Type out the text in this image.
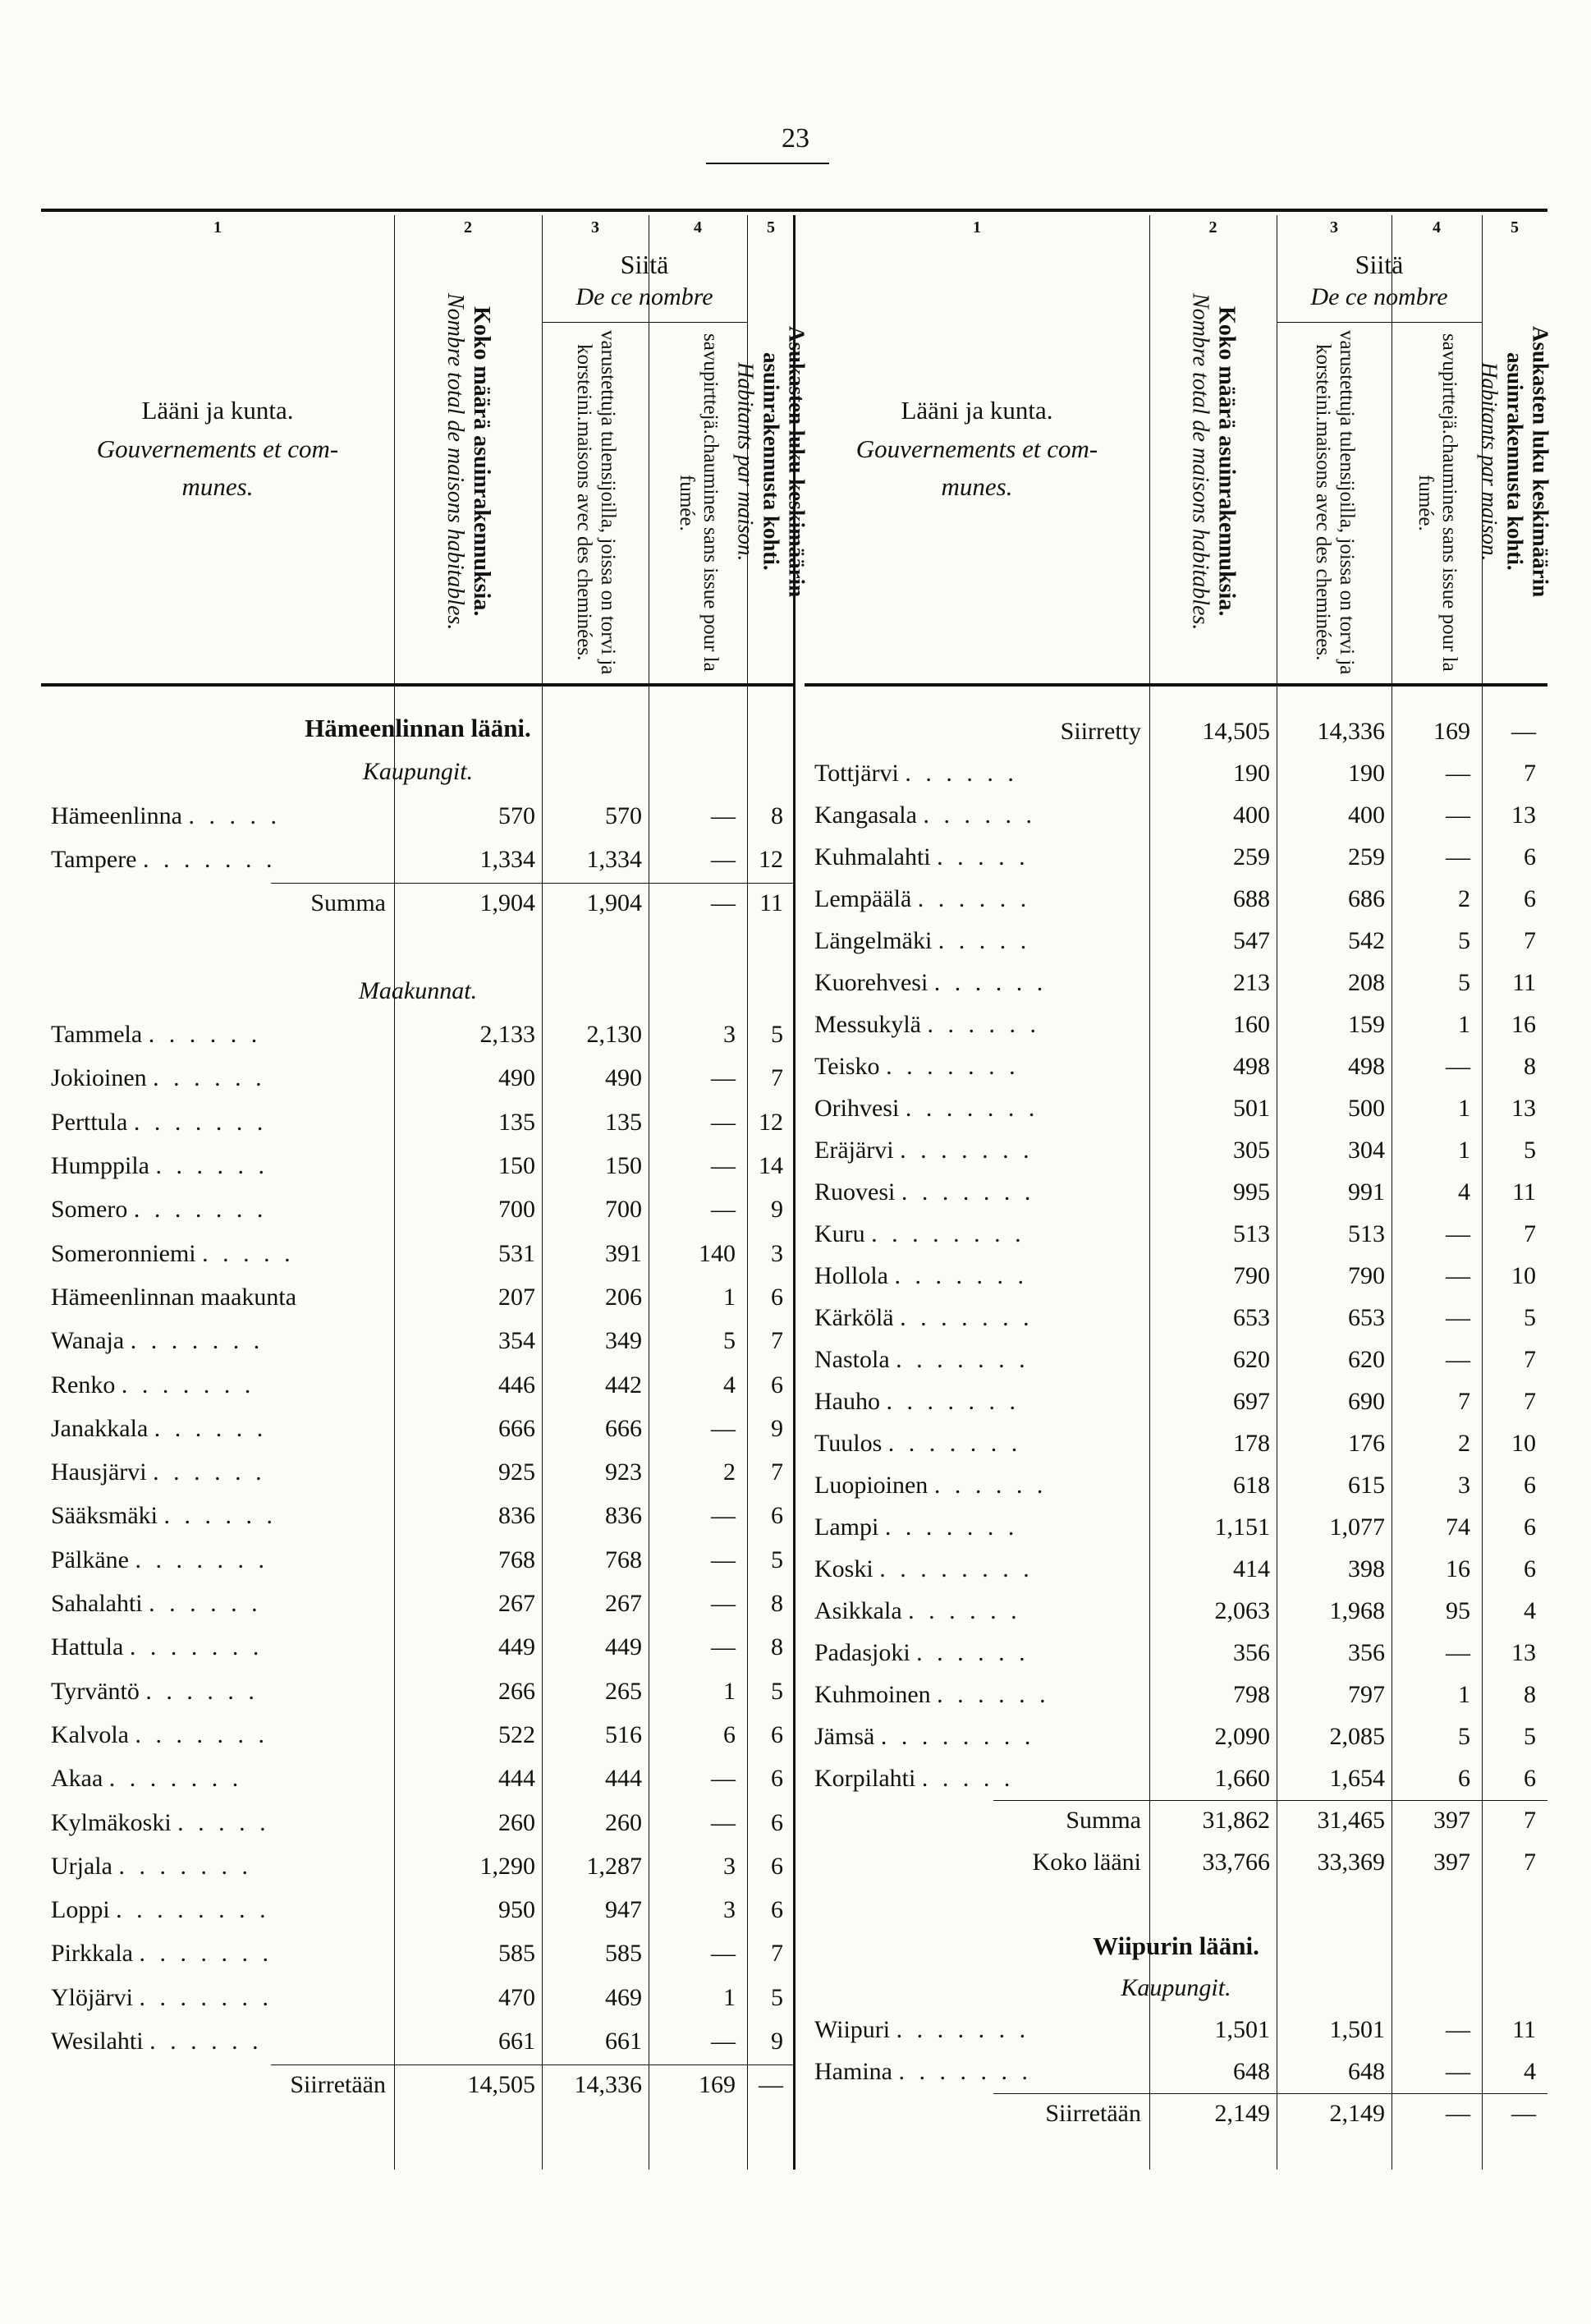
23
1	2	3	4	5
Lääni ja kunta.
Gouvernements et com-
munes.	Koko määrä asuinrakennuksia.
Nombre total de maisons habitables.
Siitä
De ce nombre
varustettuja tulensijoilla, joissa on torvi ja korsteini.maisons avec des cheminées.
savupirttejä.chaumines sans issue pour la fumée.	Asukasten luku keskimäärin asuinrakennusta kohti.
Habitants par maison.
Hämeenlinnan lääni.
Kaupungit.
Hämeenlinna . . . . .	570	570	—	8
Tampere . . . . . . .	1,334	1,334	— 12
Summa	1,904	1,904	— 11
Maakunnat.
Tammela . . . . . .	2,133	2,130	3	5
Jokioinen . . . . . .	490	490	—	7
Perttula . . . . . . .	135	135	— 12
Humppila . . . . . .	150	150	— 14
Somero . . . . . . .	700	700	—	9
Someronniemi . . . . .	531	391	140	3
Hämeenlinnan maakunta	207	206	1	6
Wanaja . . . . . . .	354	349	5	7
Renko . . . . . . .	446	442	4	6
Janakkala . . . . . .	666	666	—	9
Hausjärvi . . . . . .	925	923	2	7
Sääksmäki . . . . . .	836	836	—	6
Pälkäne . . . . . . .	768	768	—	5
Sahalahti . . . . . .	267	267	—	8
Hattula . . . . . . .	449	449	—	8
Tyrväntö . . . . . .	266	265	1	5
Kalvola . . . . . . .	522	516	6	6
Akaa . . . . . . .	444	444	—	6
Kylmäkoski . . . . .	260	260	—	6
Urjala . . . . . . .	1,290	1,287	3	6
Loppi . . . . . . . .	950	947	3	6
Pirkkala . . . . . . .	585	585	—	7
Ylöjärvi . . . . . . .	470	469	1	5
Wesilahti . . . . . .	661	661	—	9
Siirretään	14,505	14,336	169 —
1	2	3	4	5
Lääni ja kunta.
Gouvernements et com-
munes.	Koko määrä asuinrakennuksia.
Nombre total de maisons habitables.
Siitä
De ce nombre
varustettuja tulensijoilla, joissa on torvi ja korsteini.maisons avec des cheminées.
savupirttejä.chaumines sans issue pour la fumée.	Asukasten luku keskimäärin asuinrakennusta kohti.
Habitants par maison.
Siirretty	14,505	14,336	169	—
Tottjärvi . . . . . .	190	190	—	7
Kangasala . . . . . .	400	400	—	13
Kuhmalahti . . . . .	259	259	—	6
Lempäälä . . . . . .	688	686	2	6
Längelmäki . . . . .	547	542	5	7
Kuorehvesi . . . . . .	213	208	5	11
Messukylä . . . . . .	160	159	1	16
Teisko . . . . . . .	498	498	—	8
Orihvesi . . . . . . .	501	500	1	13
Eräjärvi . . . . . . .	305	304	1	5
Ruovesi . . . . . . .	995	991	4	11
Kuru . . . . . . . .	513	513	—	7
Hollola . . . . . . .	790	790	—	10
Kärkölä . . . . . . .	653	653	—	5
Nastola . . . . . . .	620	620	—	7
Hauho . . . . . . .	697	690	7	7
Tuulos . . . . . . .	178	176	2	10
Luopioinen . . . . . .	618	615	3	6
Lampi . . . . . . .	1,151	1,077	74	6
Koski . . . . . . . .	414	398	16	6
Asikkala . . . . . .	2,063	1,968	95	4
Padasjoki . . . . . .	356	356	—	13
Kuhmoinen . . . . . .	798	797	1	8
Jämsä . . . . . . . .	2,090	2,085	5	5
Korpilahti . . . . .	1,660	1,654	6	6
Summa	31,862	31,465	397	7
Koko lääni	33,766	33,369	397	7
Wiipurin lääni.
Kaupungit.
Wiipuri . . . . . . .	1,501	1,501	—	11
Hamina . . . . . . .	648	648	—	4
Siirretään	2,149	2,149	—	—
